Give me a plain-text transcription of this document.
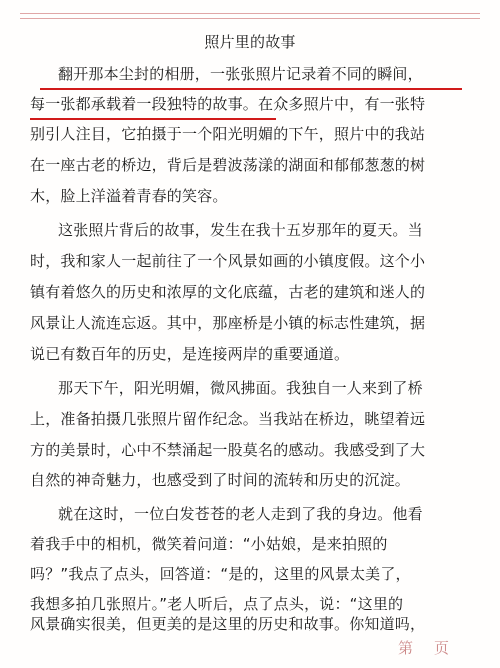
照片里的故事
翻开那本尘封的相册，一张张照片记录着不同的瞬间，
每一张都承载着一段独特的故事。在众多照片中，有一张特
别引人注目，它拍摄于一个阳光明媚的下午，照片中的我站
在一座古老的桥边，背后是碧波荡漾的湖面和郁郁葱葱的树
木，脸上洋溢着青春的笑容。
这张照片背后的故事，发生在我十五岁那年的夏天。当
时，我和家人一起前往了一个风景如画的小镇度假。这个小
镇有着悠久的历史和浓厚的文化底蕴，古老的建筑和迷人的
风景让人流连忘返。其中，那座桥是小镇的标志性建筑，据
说已有数百年的历史，是连接两岸的重要通道。
那天下午，阳光明媚，微风拂面。我独自一人来到了桥
上，准备拍摄几张照片留作纪念。当我站在桥边，眺望着远
方的美景时，心中不禁涌起一股莫名的感动。我感受到了大
自然的神奇魅力，也感受到了时间的流转和历史的沉淀。
就在这时，一位白发苍苍的老人走到了我的身边。他看
着我手中的相机，微笑着问道：“小姑娘，是来拍照的
吗？”我点了点头，回答道：“是的，这里的风景太美了，
我想多拍几张照片。”老人听后，点了点头，说：“这里的
风景确实很美，但更美的是这里的历史和故事。你知道吗，
第 页
